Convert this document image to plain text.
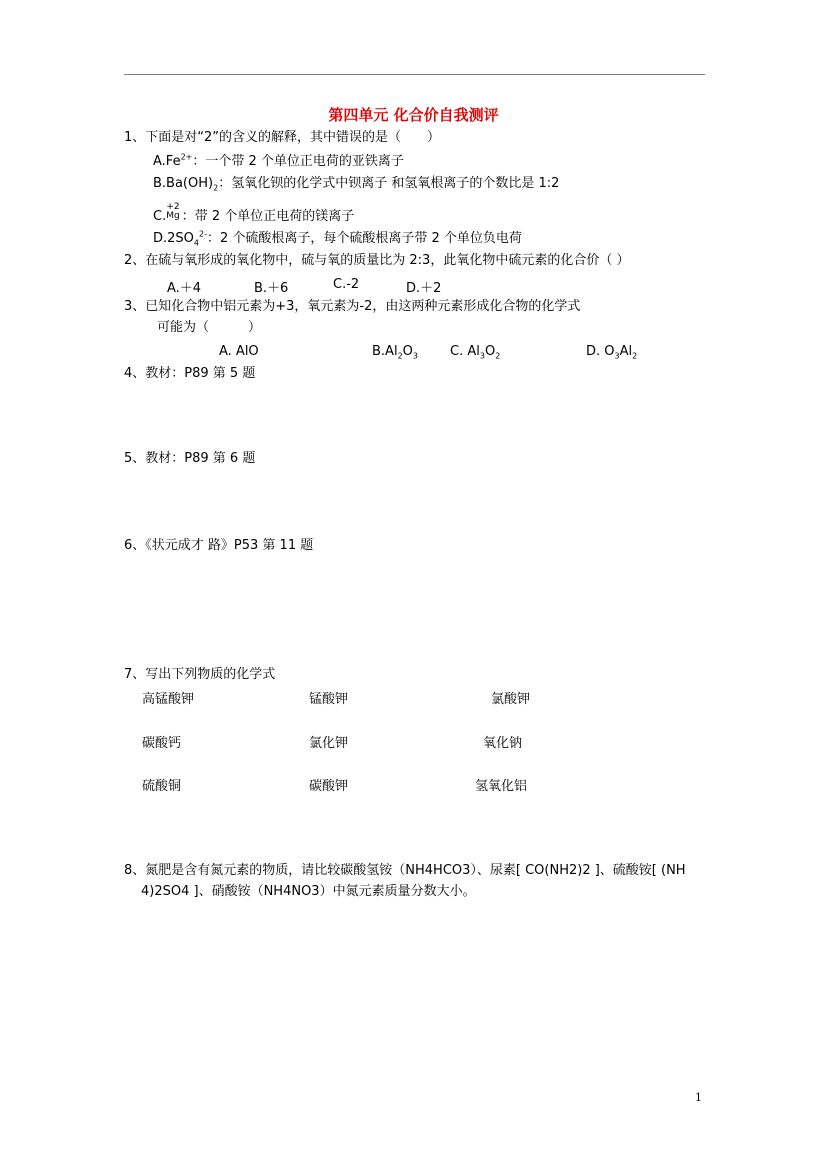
第四单元 化合价自我测评
1、下面是对“2”的含义的解释，其中错误的是（　　）
$A.Fe^{2+}$：一个带 2 个单位正电荷的亚铁离子
$B.Ba(OH)_2$：氢氧化钡的化学式中钡离子 和氢氧根离子的个数比是 1:2
C.
+2
Mg ：带 2 个单位正电荷的镁离子
$D.2SO_4^{2-}$：2 个硫酸根离子，每个硫酸根离子带 2 个单位负电荷
2、在硫与氧形成的氧化物中，硫与氧的质量比为 2:3，此氧化物中硫元素的化合价（ ）
A.＋4	B.＋6	C.-2	D.＋2
3、已知化合物中铝元素为+3，氧元素为-2，由这两种元素形成化合物的化学式
可能为（　　　）
A. AlO	$B.Al_2O_3$ C. $Al_3O_2$	D. $O_3Al_2$
4、教材：P89 第 5 题
5、教材：P89 第 6 题
6、《状元成才 路》P53 第 11 题
7、写出下列物质的化学式
高锰酸钾	锰酸钾	氯酸钾
碳酸钙	氯化钾	氧化钠
硫酸铜	碳酸钾	氢氧化铝
8、氮肥是含有氮元素的物质，请比较碳酸氢铵（NH4HCO3）、尿素[ CO(NH2)2 ]、硫酸铵[ (NH
4)2SO4 ]、硝酸铵（NH4NO3）中氮元素质量分数大小。
1
